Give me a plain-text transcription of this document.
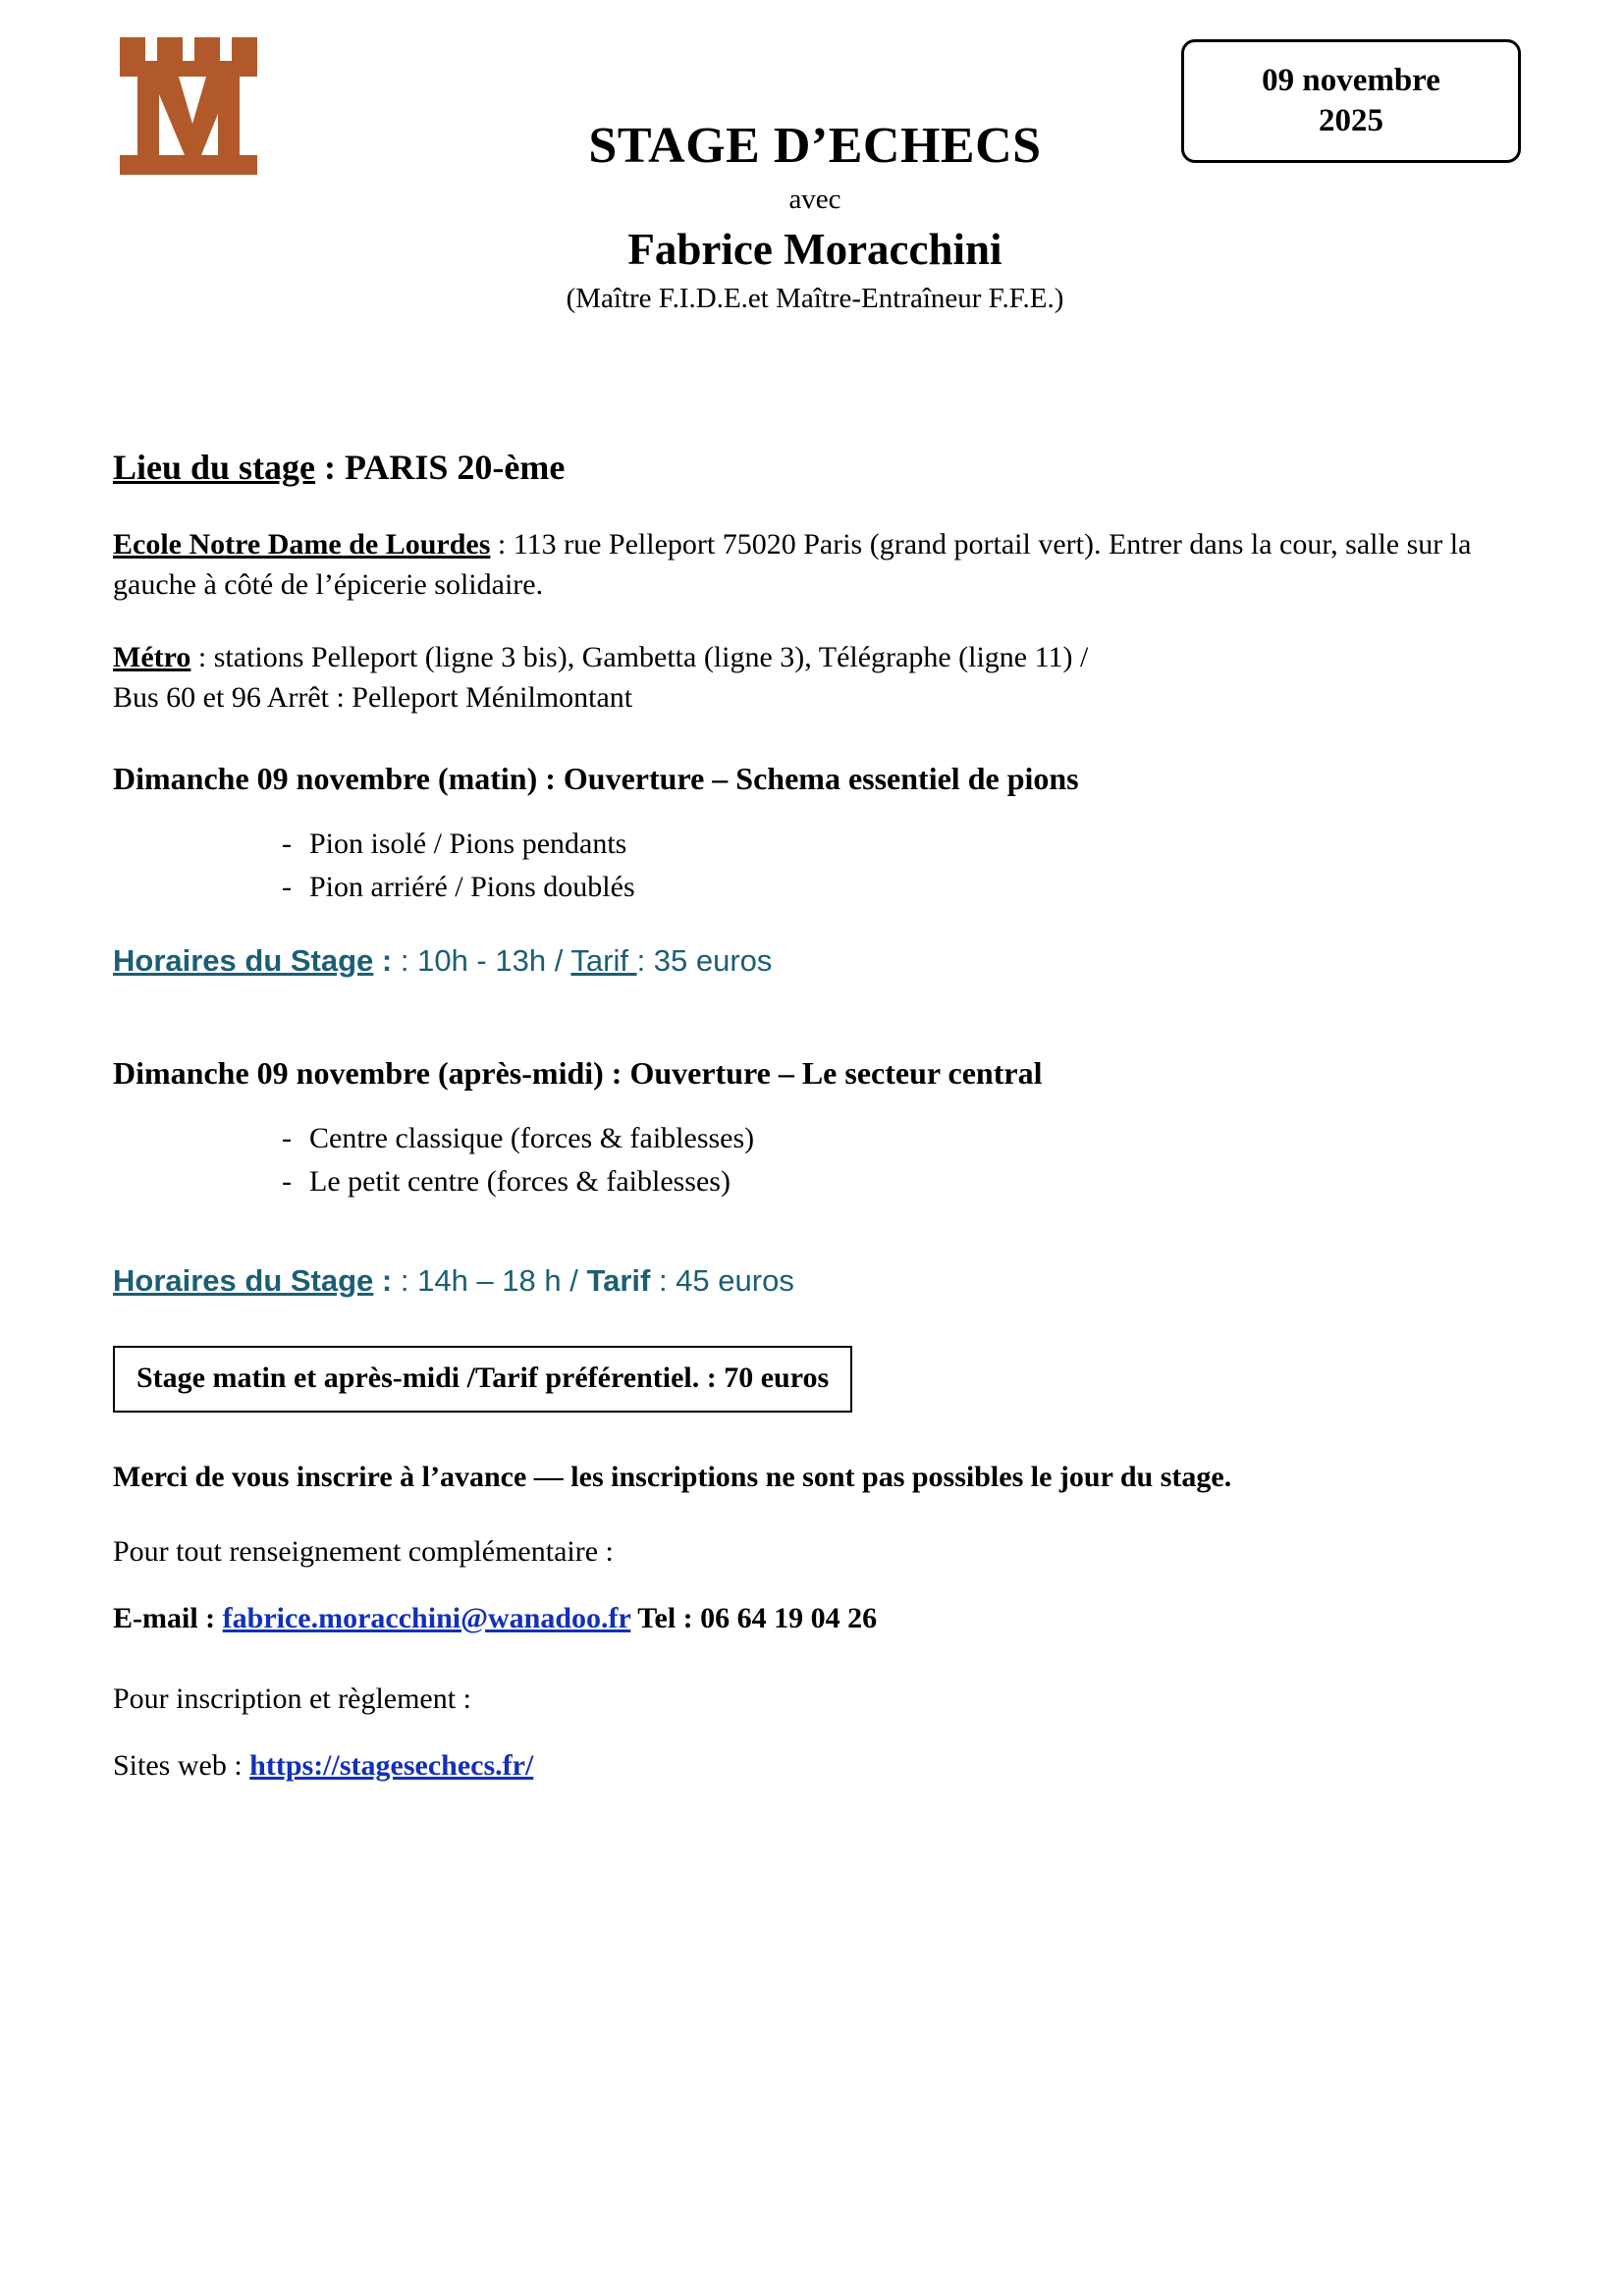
09 novembre
2025
STAGE D’ECHECS
avec
Fabrice Moracchini
(Maître F.I.D.E.et Maître-Entraîneur F.F.E.)
Lieu du stage : PARIS 20-ème

Ecole Notre Dame de Lourdes : 113 rue Pelleport 75020 Paris (grand portail vert). Entrer dans la cour, salle sur la gauche à côté de l’épicerie solidaire.

Métro : stations Pelleport (ligne 3 bis), Gambetta (ligne 3), Télégraphe (ligne 11) /
Bus 60 et 96 Arrêt : Pelleport Ménilmontant

Dimanche 09 novembre (matin) : Ouverture – Schema essentiel de pions
- Pion isolé / Pions pendants
- Pion arriéré / Pions doublés

Horaires du Stage : : 10h - 13h / Tarif : 35 euros

Dimanche 09 novembre (après-midi) : Ouverture – Le secteur central
- Centre classique (forces & faiblesses)
- Le petit centre (forces & faiblesses)

Horaires du Stage : : 14h – 18 h / Tarif : 45 euros

Stage matin et après-midi /Tarif préférentiel. : 70 euros

Merci de vous inscrire à l’avance — les inscriptions ne sont pas possibles le jour du stage.

Pour tout renseignement complémentaire :

E-mail : fabrice.moracchini@wanadoo.fr Tel : 06 64 19 04 26

Pour inscription et règlement :

Sites web : https://stagesechecs.fr/
